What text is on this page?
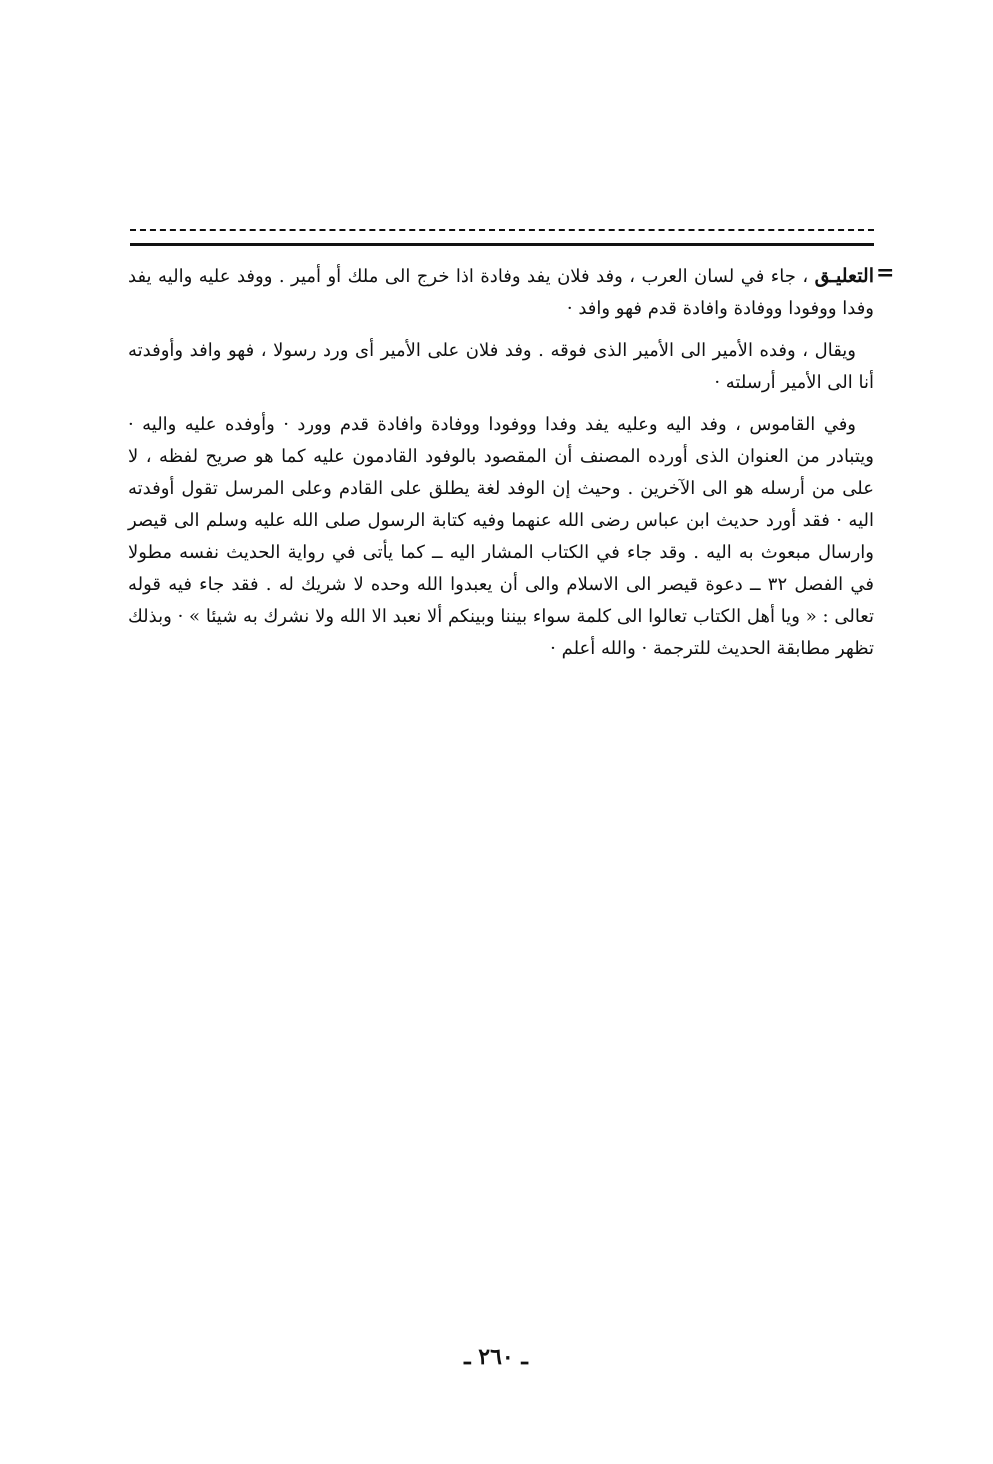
=

التعليـق ، جاء في لسان العرب ، وفد فلان يفد وفادة اذا خرج الى ملك أو أمير . ووفد عليه واليه يفد وفدا ووفودا ووفادة وافادة قدم فهو وافد ·

ويقال ، وفده الأمير الى الأمير الذى فوقه . وفد فلان على الأمير أى ورد رسولا ، فهو وافد وأوفدته أنا الى الأمير أرسلته ·

وفي القاموس ، وفد اليه وعليه يفد وفدا ووفودا ووفادة وافادة قدم وورد · وأوفده عليه واليه · ويتبادر من العنوان الذى أورده المصنف أن المقصود بالوفود القادمون عليه كما هو صريح لفظه ، لا على من أرسله هو الى الآخرين . وحيث إن الوفد لغة يطلق على القادم وعلى المرسل تقول أوفدته اليه · فقد أورد حديث ابن عباس رضى الله عنهما وفيه كتابة الرسول صلى الله عليه وسلم الى قيصر وارسال مبعوث به اليه . وقد جاء في الكتاب المشار اليه ــ كما يأتى في رواية الحديث نفسه مطولا في الفصل ٣٢ ــ دعوة قيصر الى الاسلام والى أن يعبدوا الله وحده لا شريك له . فقد جاء فيه قوله تعالى : « ويا أهل الكتاب تعالوا الى كلمة سواء بيننا وبينكم ألا نعبد الا الله ولا نشرك به شيئا » · وبذلك تظهر مطابقة الحديث للترجمة · والله أعلم ·

ـ ٢٦٠ ـ
